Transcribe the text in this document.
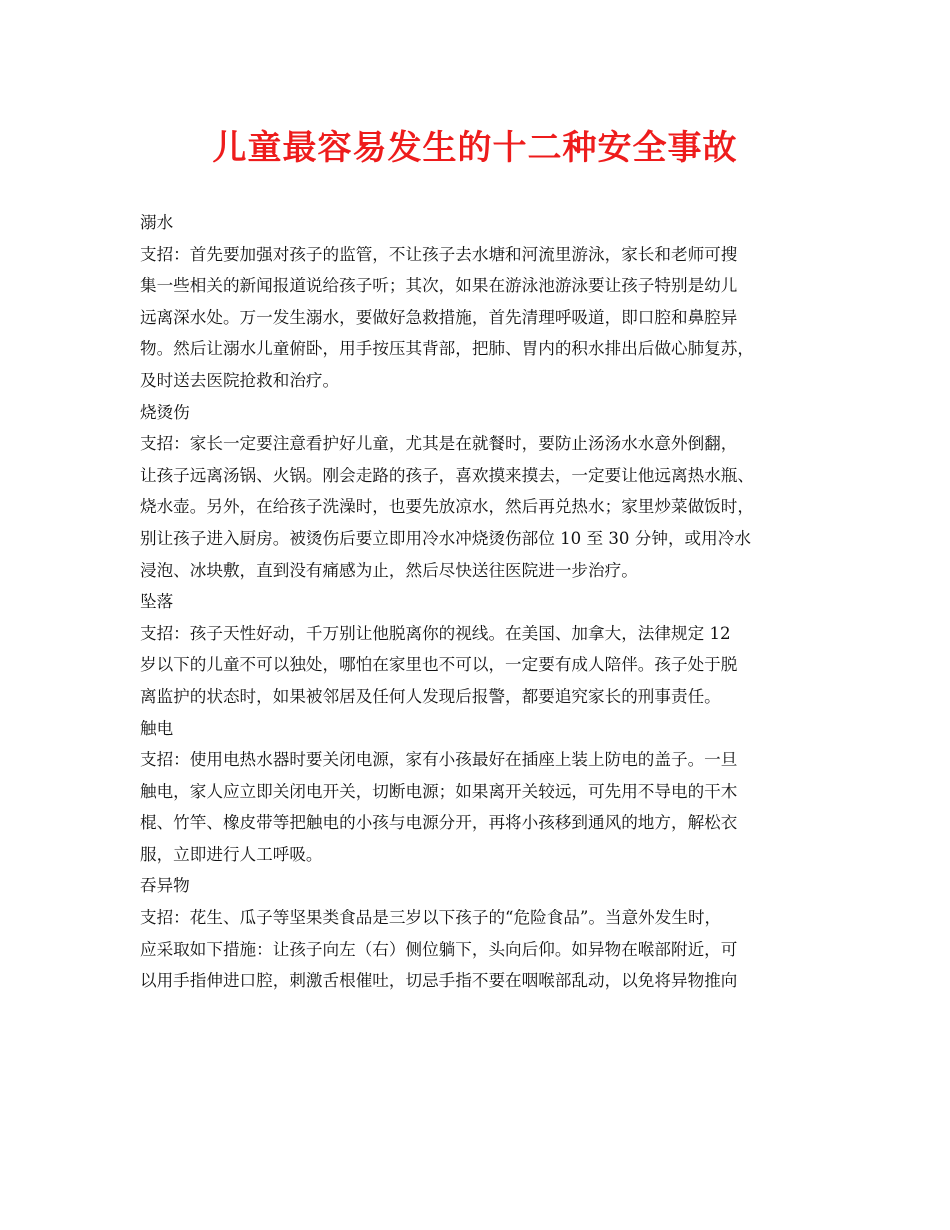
儿童最容易发生的十二种安全事故
溺水
支招：首先要加强对孩子的监管，不让孩子去水塘和河流里游泳，家长和老师可搜
集一些相关的新闻报道说给孩子听；其次，如果在游泳池游泳要让孩子特别是幼儿
远离深水处。万一发生溺水，要做好急救措施，首先清理呼吸道，即口腔和鼻腔异
物。然后让溺水儿童俯卧，用手按压其背部，把肺、胃内的积水排出后做心肺复苏，
及时送去医院抢救和治疗。
烧烫伤
支招：家长一定要注意看护好儿童，尤其是在就餐时，要防止汤汤水水意外倒翻，
让孩子远离汤锅、火锅。刚会走路的孩子，喜欢摸来摸去，一定要让他远离热水瓶、
烧水壶。另外，在给孩子洗澡时，也要先放凉水，然后再兑热水；家里炒菜做饭时，
别让孩子进入厨房。被烫伤后要立即用冷水冲烧烫伤部位 10 至 30 分钟，或用冷水
浸泡、冰块敷，直到没有痛感为止，然后尽快送往医院进一步治疗。
坠落
支招：孩子天性好动，千万别让他脱离你的视线。在美国、加拿大，法律规定 12
岁以下的儿童不可以独处，哪怕在家里也不可以，一定要有成人陪伴。孩子处于脱
离监护的状态时，如果被邻居及任何人发现后报警，都要追究家长的刑事责任。
触电
支招：使用电热水器时要关闭电源，家有小孩最好在插座上装上防电的盖子。一旦
触电，家人应立即关闭电开关，切断电源；如果离开关较远，可先用不导电的干木
棍、竹竿、橡皮带等把触电的小孩与电源分开，再将小孩移到通风的地方，解松衣
服，立即进行人工呼吸。
吞异物
支招：花生、瓜子等坚果类食品是三岁以下孩子的“危险食品”。当意外发生时，
应采取如下措施：让孩子向左（右）侧位躺下，头向后仰。如异物在喉部附近，可
以用手指伸进口腔，刺激舌根催吐，切忌手指不要在咽喉部乱动，以免将异物推向
